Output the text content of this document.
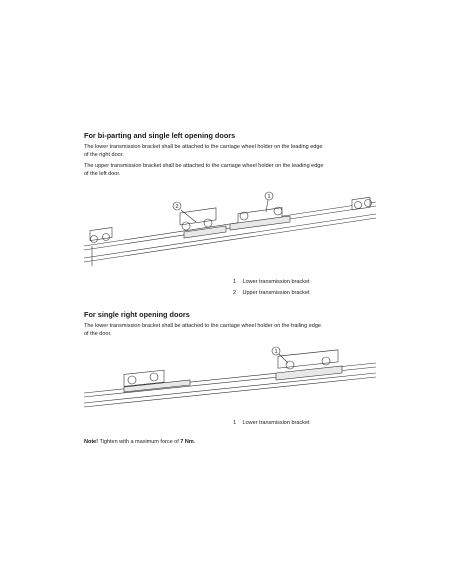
For bi-parting and single left opening doors
The lower transmission bracket shall be attached to the carriage wheel holder on the leading edge
of the right door.
The upper transmission bracket shall be attached to the carriage wheel holder on the leading edge
of the left door.
2
1
1 Lower transmission bracket
2 Upper transmission bracket
For single right opening doors
The lower transmission bracket shall be attached to the carriage wheel holder on the trailing edge
of the door.
1
1 Lower transmission bracket
Note! Tighten with a maximum force of 7 Nm.
